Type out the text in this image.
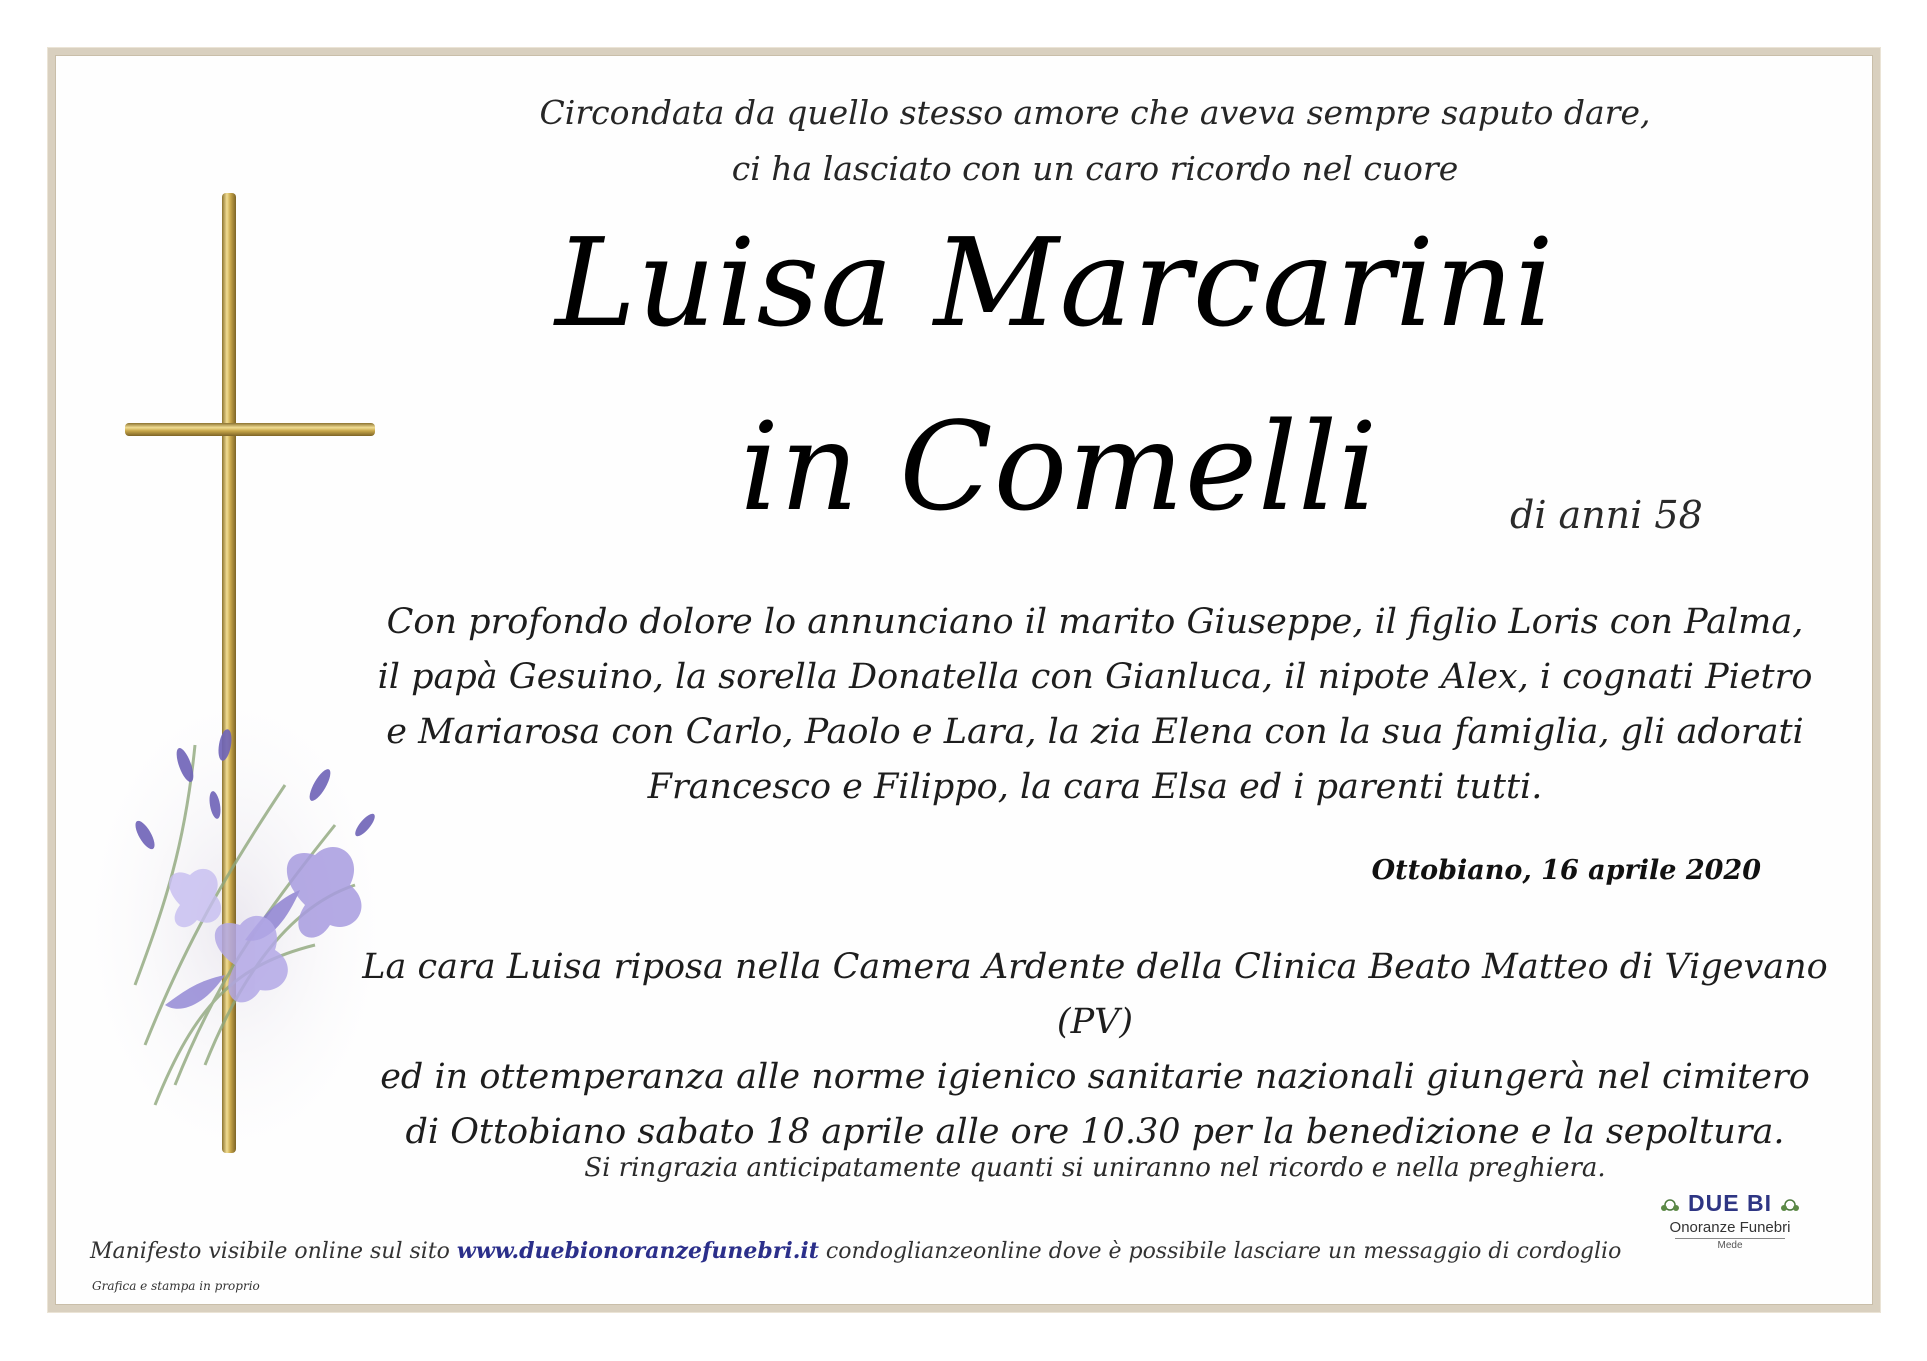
Circondata da quello stesso amore che aveva sempre saputo dare,
ci ha lasciato con un caro ricordo nel cuore
Luisa Marcarini
in Comelli	di anni 58
Con profondo dolore lo annunciano il marito Giuseppe, il figlio Loris con Palma,
il papà Gesuino, la sorella Donatella con Gianluca, il nipote Alex, i cognati Pietro
e Mariarosa con Carlo, Paolo e Lara, la zia Elena con la sua famiglia, gli adorati
Francesco e Filippo, la cara Elsa ed i parenti tutti.
Ottobiano, 16 aprile 2020
La cara Luisa riposa nella Camera Ardente della Clinica Beato Matteo di Vigevano (PV)
ed in ottemperanza alle norme igienico sanitarie nazionali giungerà nel cimitero
di Ottobiano sabato 18 aprile alle ore 10.30 per la benedizione e la sepoltura.
Si ringrazia anticipatamente quanti si uniranno nel ricordo e nella preghiera.
Manifesto visibile online sul sito www.duebionoranzefunebri.it condoglianzeonline dove è possibile lasciare un messaggio di cordoglio
Grafica e stampa in proprio
DUE BI
Onoranze Funebri
Mede
